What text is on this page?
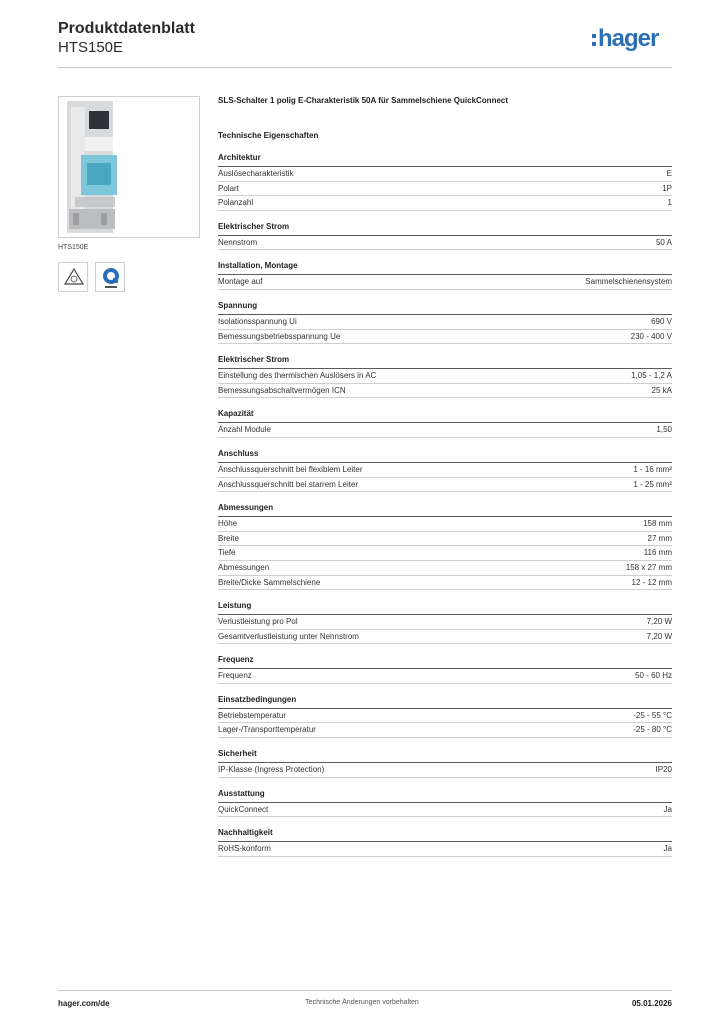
Produktdatenblatt
HTS150E	hager
HTS150E
SLS-Schalter 1 polig E-Charakteristik 50A für Sammelschiene QuickConnect
Technische Eigenschaften
Architektur
Auslösecharakteristik	E
Polart	1P
Polanzahl	1
Elektrischer Strom
Nennstrom	50 A
Installation, Montage
Montage auf	Sammelschienensystem
Spannung
Isolationsspannung Ui	690 V
Bemessungsbetriebsspannung Ue	230 - 400 V
Elektrischer Strom
Einstellung des thermischen Auslösers in AC	1,05 - 1,2 A
Bemessungsabschaltvermögen ICN	25 kA
Kapazität
Anzahl Module	1,50
Anschluss
Anschlussquerschnitt bei flexiblem Leiter	1 - 16 mm²
Anschlussquerschnitt bei starrem Leiter	1 - 25 mm²
Abmessungen
Höhe	158 mm
Breite	27 mm
Tiefe	116 mm
Abmessungen	158 x 27 mm
Breite/Dicke Sammelschiene	12 - 12 mm
Leistung
Verlustleistung pro Pol	7,20 W
Gesamtverlustleistung unter Nennstrom	7,20 W
Frequenz
Frequenz	50 - 60 Hz
Einsatzbedingungen
Betriebstemperatur	-25 - 55 °C
Lager-/Transporttemperatur	-25 - 80 °C
Sicherheit
IP-Klasse (Ingress Protection)	IP20
Ausstattung
QuickConnect	Ja
Nachhaltigkeit
RoHS-konform	Ja
hager.com/de	Technische Änderungen vorbehalten	05.01.2026
